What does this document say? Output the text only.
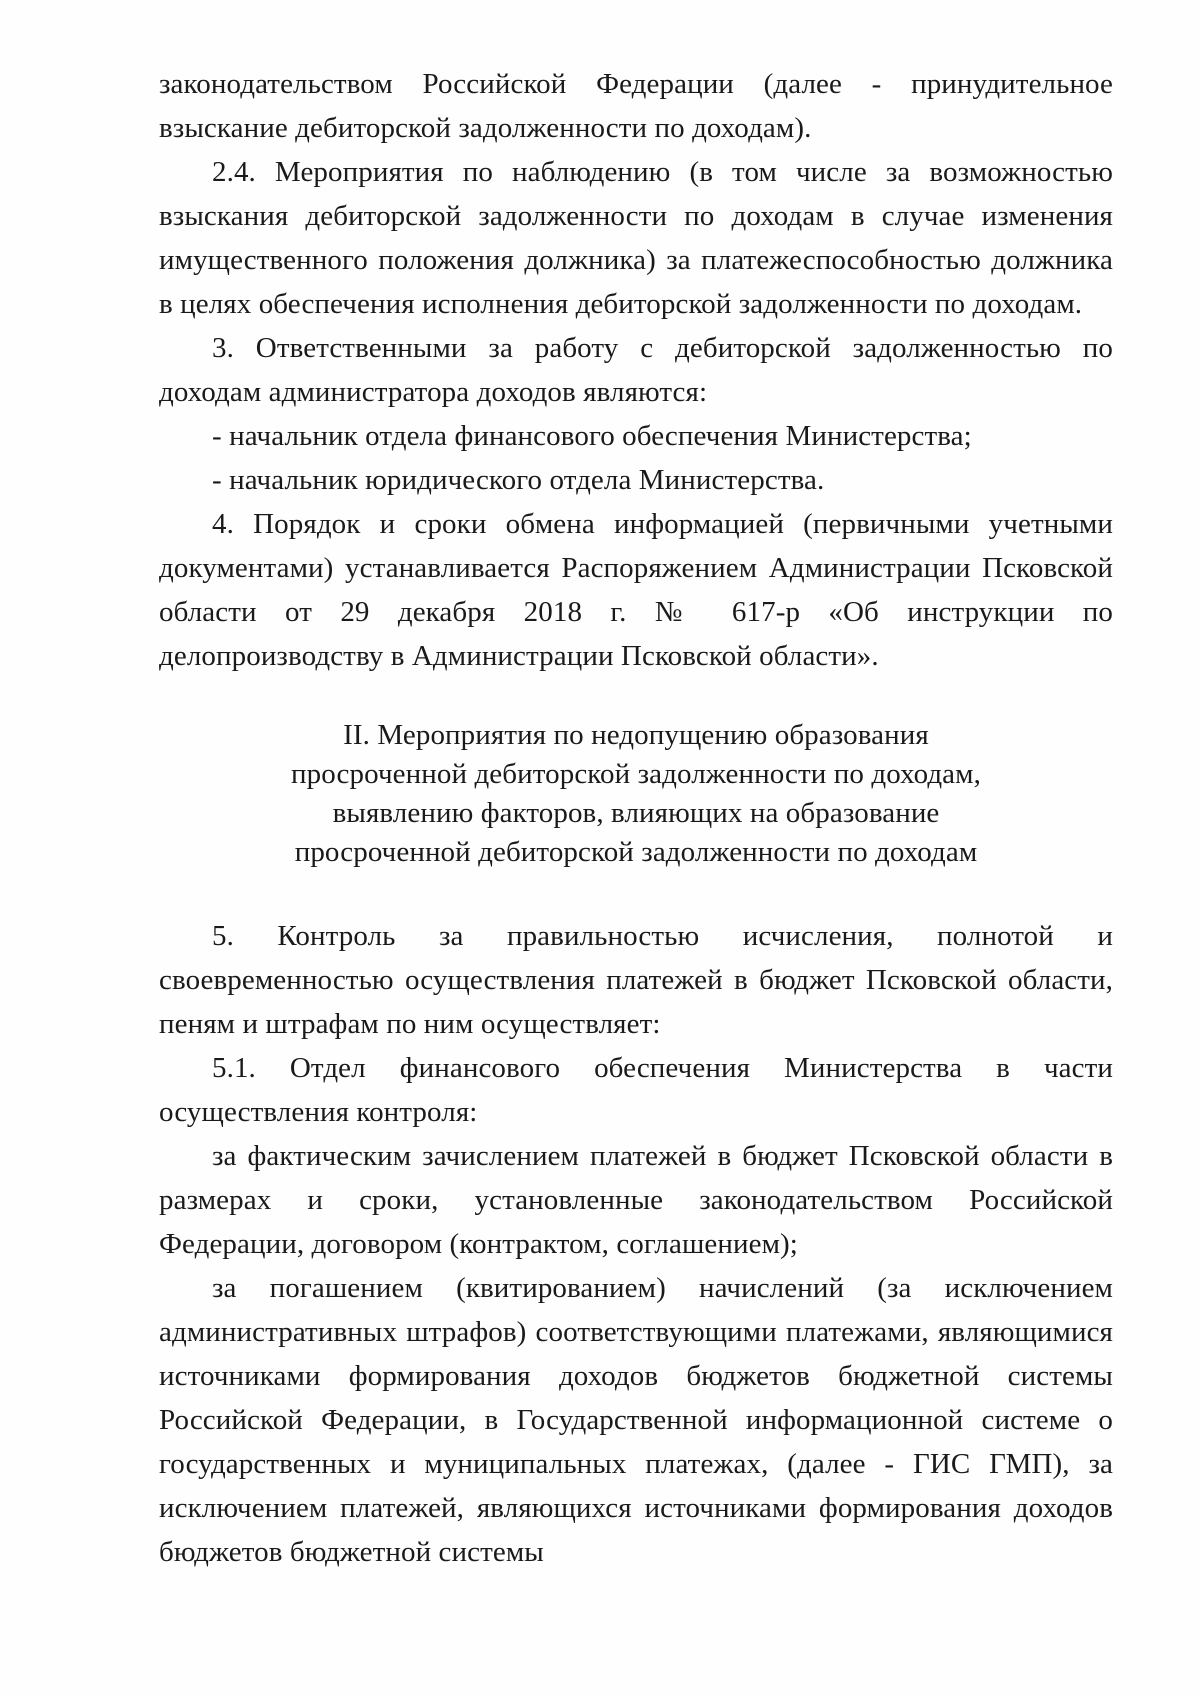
законодательством Российской Федерации (далее - принудительное взыскание дебиторской задолженности по доходам).

2.4. Мероприятия по наблюдению (в том числе за возможностью взыскания дебиторской задолженности по доходам в случае изменения имущественного положения должника) за платежеспособностью должника в целях обеспечения исполнения дебиторской задолженности по доходам.

3. Ответственными за работу с дебиторской задолженностью по доходам администратора доходов являются:

- начальник отдела финансового обеспечения Министерства;

- начальник юридического отдела Министерства.

4. Порядок и сроки обмена информацией (первичными учетными документами) устанавливается Распоряжением Администрации Псковской области от 29 декабря 2018 г. № 617-р «Об инструкции по делопроизводству в Администрации Псковской области».

II. Мероприятия по недопущению образования
просроченной дебиторской задолженности по доходам,
выявлению факторов, влияющих на образование
просроченной дебиторской задолженности по доходам

5. Контроль за правильностью исчисления, полнотой и своевременностью осуществления платежей в бюджет Псковской области, пеням и штрафам по ним осуществляет:

5.1. Отдел финансового обеспечения Министерства в части осуществления контроля:

за фактическим зачислением платежей в бюджет Псковской области в размерах и сроки, установленные законодательством Российской Федерации, договором (контрактом, соглашением);

за погашением (квитированием) начислений (за исключением административных штрафов) соответствующими платежами, являющимися источниками формирования доходов бюджетов бюджетной системы Российской Федерации, в Государственной информационной системе о государственных и муниципальных платежах, (далее - ГИС ГМП), за исключением платежей, являющихся источниками формирования доходов бюджетов бюджетной системы
